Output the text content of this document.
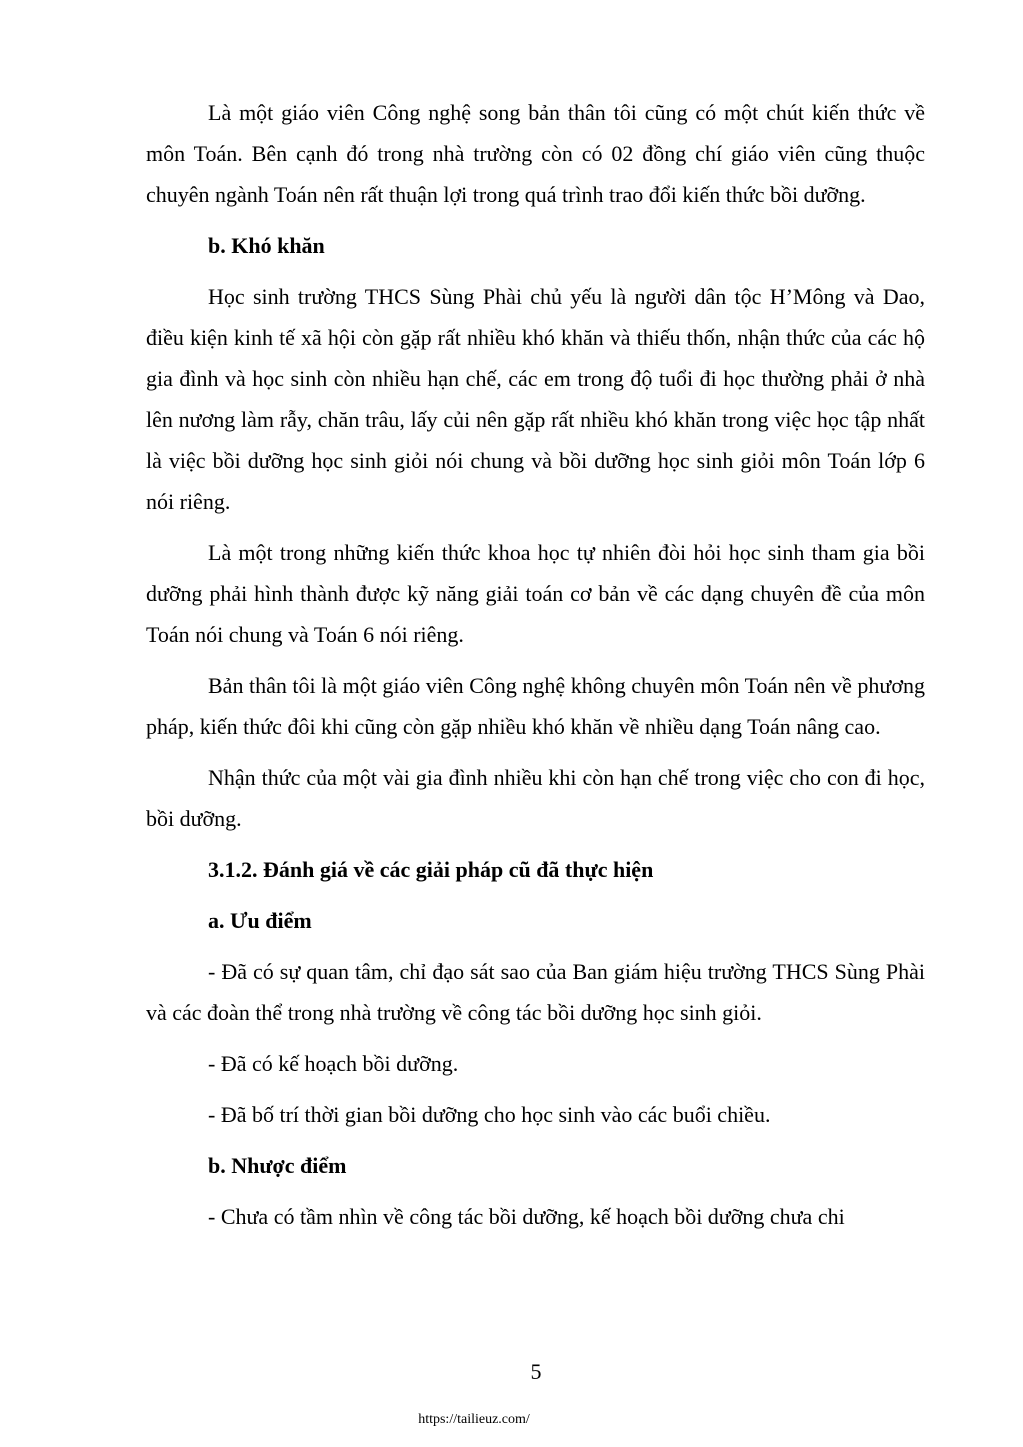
Là một giáo viên Công nghệ song bản thân tôi cũng có một chút kiến thức về môn Toán. Bên cạnh đó trong nhà trường còn có 02 đồng chí giáo viên cũng thuộc chuyên ngành Toán nên rất thuận lợi trong quá trình trao đổi kiến thức bồi dưỡng.

b. Khó khăn

Học sinh trường THCS Sùng Phài chủ yếu là người dân tộc H’Mông và Dao, điều kiện kinh tế xã hội còn gặp rất nhiều khó khăn và thiếu thốn, nhận thức của các hộ gia đình và học sinh còn nhiều hạn chế, các em trong độ tuổi đi học thường phải ở nhà lên nương làm rẫy, chăn trâu, lấy củi nên gặp rất nhiều khó khăn trong việc học tập nhất là việc bồi dưỡng học sinh giỏi nói chung và bồi dưỡng học sinh giỏi môn Toán lớp 6 nói riêng.

Là một trong những kiến thức khoa học tự nhiên đòi hỏi học sinh tham gia bồi dưỡng phải hình thành được kỹ năng giải toán cơ bản về các dạng chuyên đề của môn Toán nói chung và Toán 6 nói riêng.

Bản thân tôi là một giáo viên Công nghệ không chuyên môn Toán nên về phương pháp, kiến thức đôi khi cũng còn gặp nhiều khó khăn về nhiều dạng Toán nâng cao.

Nhận thức của một vài gia đình nhiều khi còn hạn chế trong việc cho con đi học, bồi dưỡng.

3.1.2. Đánh giá về các giải pháp cũ đã thực hiện

a. Ưu điểm

- Đã có sự quan tâm, chỉ đạo sát sao của Ban giám hiệu trường THCS Sùng Phài và các đoàn thể trong nhà trường về công tác bồi dưỡng học sinh giỏi.

- Đã có kế hoạch bồi dưỡng.

- Đã bố trí thời gian bồi dưỡng cho học sinh vào các buổi chiều.

b. Nhược điểm

- Chưa có tầm nhìn về công tác bồi dưỡng, kế hoạch bồi dưỡng chưa chi

5
https://tailieuz.com/
